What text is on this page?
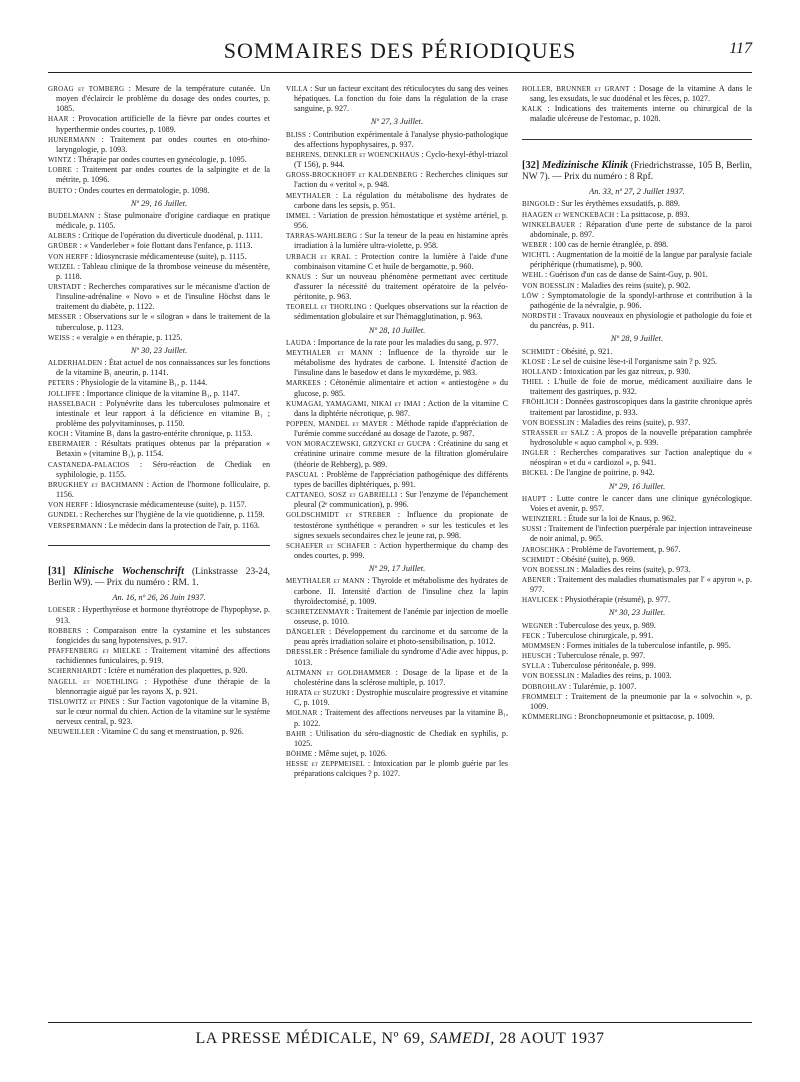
SOMMAIRES DES PÉRIODIQUES	117

GROAG et TOMBERG : Mesure de la température cutanée. Un moyen d'éclaircir le problème du dosage des ondes courtes, p. 1085.

HAAR : Provocation artificielle de la fièvre par ondes courtes et hyperthermie ondes courtes, p. 1089.

HUNERMANN : Traitement par ondes courtes en oto-rhino-laryngologie, p. 1093.

WINTZ : Thérapie par ondes courtes en gynécologie, p. 1095.

LOBRE : Traitement par ondes courtes de la salpingite et de la métrite, p. 1096.

BUETO : Ondes courtes en dermatologie, p. 1098.

Nº 29, 16 Juillet.

BUDELMANN : Stase pulmonaire d'origine cardiaque en pratique médicale, p. 1105.

ALBERS : Critique de l'opération du diverticule duodénal, p. 1111.

GRÜBER : « Vanderleber » foie flottant dans l'enfance, p. 1113.

VON HERFF : Idiosyncrasie médicamenteuse (suite), p. 1115.

WEIZEL : Tableau clinique de la thrombose veineuse du mésentère, p. 1118.

URSTADT : Recherches comparatives sur le mécanisme d'action de l'insuline-adrénaline « Novo » et de l'insuline Höchst dans le traitement du diabète, p. 1122.

MESSER : Observations sur le « silogran » dans le traitement de la tuberculose, p. 1123.

WEISS : « veralgie » en thérapie, p. 1125.

Nº 30, 23 Juillet.

ALDERHALDEN : État actuel de nos connaissances sur les fonctions de la vitamine B₁ aneurin, p. 1141.

PETERS : Physiologie de la vitamine B₁, p. 1144.

JOLLIFFE : Importance clinique de la vitamine B₁, p. 1147.

HASSELBACH : Polynévrite dans les tuberculoses pulmonaire et intestinale et leur rapport à la déficience en vitamine B₁ ; problème des polyvitaminoses, p. 1150.

KOCH : Vitamine B₁ dans la gastro-entérite chronique, p. 1153.

EBERMAIER : Résultats pratiques obtenus par la préparation « Betaxin » (vitamine B₁), p. 1154.

CASTANEDA-PALACIOS : Séro-réaction de Chediak en syphilologie, p. 1155.

BRUGKHEY et BACHMANN : Action de l'hormone folliculaire, p. 1156.

VON HERFF : Idiosyncrasie médicamenteuse (suite), p. 1157.

GUNDEL : Recherches sur l'hygiène de la vie quotidienne, p. 1159.

VERSPERMANN : Le médecin dans la protection de l'air, p. 1163.

[31] Klinische Wochenschrift (Linkstrasse 23-24, Berlin W9). — Prix du numéro : RM. 1.
An. 16, nº 26, 26 Juin 1937.

LOESER : Hyperthyréose et hormone thyréotrope de l'hypophyse, p. 913.

ROBBERS : Comparaison entre la cystamine et les substances fongicides du sang hypotensives, p. 917.

PFAFFENBERG et MIELKE : Traitement vitaminé des affections rachidiennes funiculaires, p. 919.

SCHERNHARDT : Ictère et numération des plaquettes, p. 920.

NAGELL et NOETHLING : Hypothèse d'une thérapie de la blennorragie aiguë par les rayons X, p. 921.

TISLOWITZ et PINES : Sur l'action vagotonique de la vitamine B₁ sur le cœur normal du chien. Action de la vitamine sur le système nerveux central, p. 923.

NEUWEILLER : Vitamine C du sang et menstruation, p. 926.

VILLA : Sur un facteur excitant des réticulocytes du sang des veines hépatiques. La fonction du foie dans la régulation de la crase sanguine, p. 927.

Nº 27, 3 Juillet.

BLISS : Contribution expérimentale à l'analyse physio-pathologique des affections hypophysaires, p. 937.

BEHRENS, DENKLER et WOENCKHAUS : Cyclo-hexyl-éthyl-triazol (T 156), p. 944.

GROSS-BROCKHOFF et KALDENBERG : Recherches cliniques sur l'action du « veritol », p. 948.

MEYTHALER : La régulation du métabolisme des hydrates de carbone dans les sepsis, p. 951.

IMMEL : Variation de pression hémostatique et système artériel, p. 956.

TARRAS-WAHLBERG : Sur la teneur de la peau en histamine après irradiation à la lumière ultra-violette, p. 958.

URBACH et KRAL : Protection contre la lumière à l'aide d'une combinaison vitamine C et huile de bergamotte, p. 960.

KNAUS : Sur un nouveau phénomène permettant avec certitude d'assurer la nécessité du traitement opératoire de la pelvéo-péritonite, p. 963.

TEORELL et THORLING : Quelques observations sur la réaction de sédimentation globulaire et sur l'hémagglutination, p. 963.

Nº 28, 10 Juillet.

LAUDA : Importance de la rate pour les maladies du sang, p. 977.

MEYTHALER et MANN : Influence de la thyroïde sur le métabolisme des hydrates de carbone. I. Intensité d'action de l'insuline dans le basedow et dans le myxœdème, p. 983.

MARKEES : Cétonémie alimentaire et action « antiestogène » du glucose, p. 985.

KUMAGAI, YAMAGAMI, NIKAI et IMAI : Action de la vitamine C dans la diphtérie nécrotique, p. 987.

POPPEN, MANDEL et MAYER : Méthode rapide d'appréciation de l'urémie comme succédané au dosage de l'azote, p. 987.

VON MORACZEWSKI, GRZYCKI et GUCPA : Créatinine du sang et créatinine urinaire comme mesure de la filtration glomérulaire (théorie de Rehberg), p. 989.

PASCUAL : Problème de l'appréciation pathogénique des différents types de bacilles diphtériques, p. 991.

CATTANEO, SOSZ et GABRIELLI : Sur l'enzyme de l'épanchement pleural (2ᵉ communication), p. 996.

GOLDSCHMIDT et STREBER : Influence du propionate de testostérone synthétique « perandren » sur les testicules et les signes sexuels secondaires chez le jeune rat, p. 998.

SCHAEFER et SCHAFER : Action hyperthermique du champ des ondes courtes, p. 999.

Nº 29, 17 Juillet.

MEYTHALER et MANN : Thyroïde et métabolisme des hydrates de carbone. II. Intensité d'action de l'insuline chez la lapin thyroïdectomisé, p. 1009.

SCHRETZENMAYR : Traitement de l'anémie par injection de moelle osseuse, p. 1010.

DÄNGELER : Développement du carcinome et du sarcome de la peau après irradiation solaire et photo-sensibilisation, p. 1012.

DRESSLER : Présence familiale du syndrome d'Adie avec hippus, p. 1013.

ALTMANN et GOLDHAMMER : Dosage de la lipase et de la cholestérine dans la sclérose multiple, p. 1017.

HIRATA et SUZUKI : Dystrophie musculaire progressive et vitamine C, p. 1019.

MOLNAR : Traitement des affections nerveuses par la vitamine B₁, p. 1022.

BAHR : Utilisation du séro-diagnostic de Chediak en syphilis, p. 1025.

BÖHME : Même sujet, p. 1026.

HESSE et ZEPPMEISEL : Intoxication par le plomb guérie par les préparations calciques ? p. 1027.

HOLLER, BRUNNER et GRANT : Dosage de la vitamine A dans le sang, les exsudats, le suc duodénal et les fèces, p. 1027.

KALK : Indications des traitements interne ou chirurgical de la maladie ulcéreuse de l'estomac, p. 1028.

[32] Medizinische Klinik (Friedrichstrasse, 105 B, Berlin, NW 7). — Prix du numéro : 8 Rpf.
An. 33, nº 27, 2 Juillet 1937.

BINGOLD : Sur les érythèmes exsudatifs, p. 889.

HAAGEN et WENCKEBACH : La psittacose, p. 893.

WINKELBAUER : Réparation d'une perte de substance de la paroi abdominale, p. 897.

WEBER : 100 cas de hernie étranglée, p. 898.

WICHTL : Augmentation de la moitié de la langue par paralysie faciale périphérique (rhumatisme), p. 900.

WEHL : Guérison d'un cas de danse de Saint-Guy, p. 901.

VON BOESSLIN : Maladies des reins (suite), p. 902.

LÖW : Symptomatologie de la spondyl-arthrose et contribution à la pathogénie de la névralgie, p. 906.

NORDSTH : Travaux nouveaux en physiologie et pathologie du foie et du pancréas, p. 911.

Nº 28, 9 Juillet.

SCHMIDT : Obésité, p. 921.

KLOSE : Le sel de cuisine lèse-t-il l'organisme sain ? p. 925.

HOLLAND : Intoxication par les gaz nitreux, p. 930.

THIEL : L'huile de foie de morue, médicament auxiliaire dans le traitement des gastriques, p. 932.

FRÖHLICH : Données gastroscopiques dans la gastrite chronique après traitement par larostidine, p. 933.

VON BOESSLIN : Maladies des reins (suite), p. 937.

STRASSER et SALZ : A propos de la nouvelle préparation camphrée hydrosoluble « aquo camphol », p. 939.

INGLER : Recherches comparatives sur l'action analeptique du « néospiran » et du « cardiozol », p. 941.

BICKEL : De l'angine de poitrine, p. 942.

Nº 29, 16 Juillet.

HAUPT : Lutte contre le cancer dans une clinique gynécologique. Voies et avenir, p. 957.

WEINZIERL : Étude sur la loi de Knaus, p. 962.

SUSSI : Traitement de l'infection puerpérale par injection intraveineuse de noir animal, p. 965.

JAROSCHKA : Problème de l'avortement, p. 967.

SCHMIDT : Obésité (suite), p. 969.

VON BOESSLIN : Maladies des reins (suite), p. 973.

ABENER : Traitement des maladies rhumatismales par l' « apyron », p. 977.

HAVLICEK : Physiothérapie (résumé), p. 977.

Nº 30, 23 Juillet.

WEGNER : Tuberculose des yeux, p. 989.

FECK : Tuberculose chirurgicale, p. 991.

MOMMSEN : Formes initiales de la tuberculose infantile, p. 995.

HEUSCH : Tuberculose rénale, p. 997.

SYLLA : Tuberculose péritonéale, p. 999.

VON BOESSLIN : Maladies des reins, p. 1003.

DOBROHLAV : Tularémie, p. 1007.

FROMMELT : Traitement de la pneumonie par la « solvochin », p. 1009.

KÜMMERLING : Bronchopneumonie et psittacose, p. 1009.

LA PRESSE MÉDICALE, Nº 69, SAMEDI, 28 AOUT 1937
